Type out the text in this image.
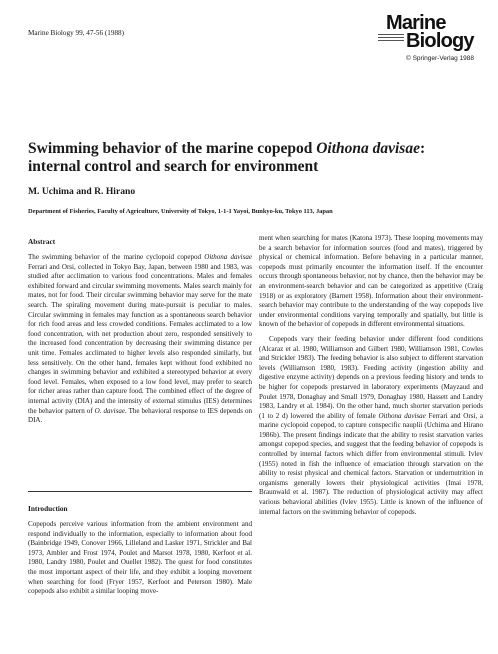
Marine Biology 99, 47-56 (1988)	Marine
Biology
© Springer-Verlag 1988
Swimming behavior of the marine copepod Oithona davisae:
internal control and search for environment
M. Uchima and R. Hirano
Department of Fisheries, Faculty of Agriculture, University of Tokyo, 1-1-1 Yayoi, Bunkyo-ku, Tokyo 113, Japan
Abstract

The swimming behavior of the marine cyclopoid copepod Oithona davisae Ferrari and Orsi, collected in Tokyo Bay, Japan, between 1980 and 1983, was studied after acclimation to various food concentrations. Males and females exhibited forward and circular swimming movements. Males search mainly for mates, not for food. Their circular swimming behavior may serve for the mate search. The spiraling movement during mate-pursuit is peculiar to males. Circular swimming in females may function as a spontaneous search behavior for rich food areas and less crowded conditions. Females acclimated to a low food concentration, with net production about zero, responded sensitively to the increased food concentration by decreasing their swimming distance per unit time. Females acclimated to higher levels also responded similarly, but less sensitively. On the other hand, females kept without food exhibited no changes in swimming behavior and exhibited a stereotyped behavior at every food level. Females, when exposed to a low food level, may prefer to search for richer areas rather than capture food. The combined effect of the degree of internal activity (DIA) and the intensity of external stimulus (IES) determines the behavior pattern of O. davisae. The behavioral response to IES depends on DIA.

Introduction

Copepods perceive various information from the ambient environment and respond individually to the information, especially to information about food (Bainbridge 1949, Conover 1966, Lilleland and Lasker 1971, Strickler and Bal 1973, Ambler and Frost 1974, Poulet and Marsot 1978, 1980, Kerfoot et al. 1980, Landry 1980, Poulet and Ouellet 1982). The quest for food constitutes the most important aspect of their life, and they exhibit a looping movement when searching for food (Fryer 1957, Kerfoot and Peterson 1980). Male copepods also exhibit a similar looping move-

ment when searching for mates (Katona 1973). These looping movements may be a search behavior for information sources (food and mates), triggered by physical or chemical information. Before behaving in a particular manner, copepods must primarily encounter the information itself. If the encounter occurs through spontaneous behavior, not by chance, then the behavior may be an environment-search behavior and can be categorized as appetitive (Craig 1918) or as exploratory (Barnett 1958). Information about their environment-search behavior may contribute to the understanding of the way copepods live under environmental conditions varying temporally and spatially, but little is known of the behavior of copepods in different environmental situations.

Copepods vary their feeding behavior under different food conditions (Alcaraz et al. 1980, Williamson and Gilbert 1980, Williamson 1981, Cowles and Strickler 1983). The feeding behavior is also subject to different starvation levels (Williamson 1980, 1983). Feeding activity (ingestion ability and digestive enzyme activity) depends on a previous feeding history and tends to be higher for copepods prestarved in laboratory experiments (Mayzaud and Poulet 1978, Donaghay and Small 1979, Donaghay 1980, Hassett and Landry 1983, Landry et al. 1984). On the other hand, much shorter starvation periods (1 to 2 d) lowered the ability of female Oithona davisae Ferrari and Orsi, a marine cyclopoid copepod, to capture conspecific nauplii (Uchima and Hirano 1986b). The present findings indicate that the ability to resist starvation varies amongst copepod species, and suggest that the feeding behavior of copepods is controlled by internal factors which differ from environmental stimuli. Ivlev (1955) noted in fish the influence of emaciation through starvation on the ability to resist physical and chemical factors. Starvation or undernutrition in organisms generally lowers their physiological activities (Imai 1978, Braunwald et al. 1987). The reduction of physiological activity may affect various behavioral abilities (Ivlev 1955). Little is known of the influence of internal factors on the swimming behavior of copepods.
